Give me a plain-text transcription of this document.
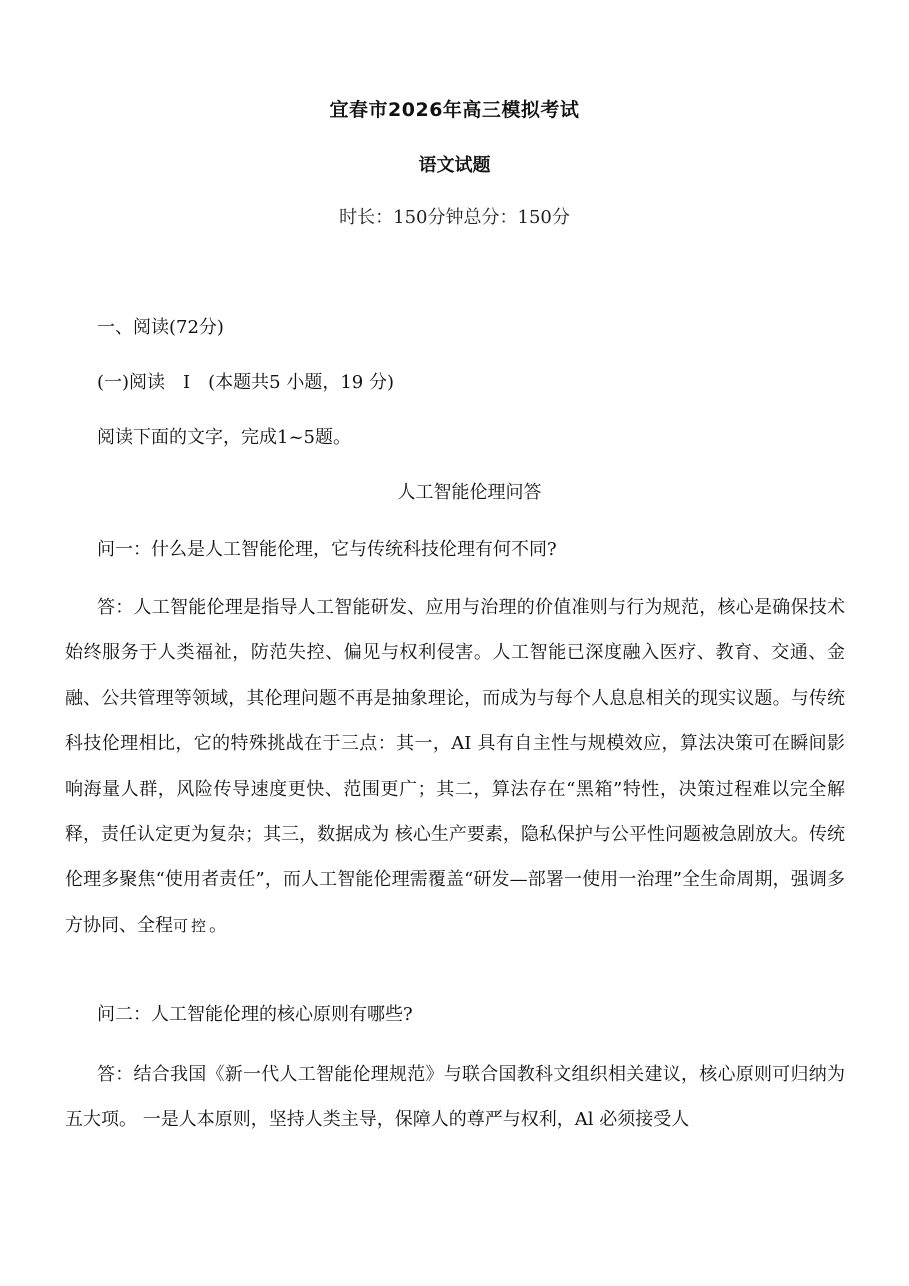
宜春市2026年高三模拟考试
语文试题
时长：150分钟总分：150分
一、阅读(72分)
(一)阅读　I　(本题共5 小题，19 分)
阅读下面的文字，完成1~5题。
人工智能伦理问答
问一：什么是人工智能伦理，它与传统科技伦理有何不同?
答：人工智能伦理是指导人工智能研发、应用与治理的价值准则与行为规范，核心是确保技术始终服务于人类福祉，防范失控、偏见与权利侵害。人工智能已深度融入医疗、教育、交通、金融、公共管理等领域，其伦理问题不再是抽象理论，而成为与每个人息息相关的现实议题。与传统科技伦理相比，它的特殊挑战在于三点：其一，AI 具有自主性与规模效应，算法决策可在瞬间影响海量人群，风险传导速度更快、范围更广；其二，算法存在“黑箱”特性，决策过程难以完全解释，责任认定更为复杂；其三，数据成为 核心生产要素，隐私保护与公平性问题被急剧放大。传统伦理多聚焦“使用者责任”，而人工智能伦理需覆盖“研发—部署一使用一治理”全生命周期，强调多方协同、全程可控。
问二：人工智能伦理的核心原则有哪些?
答：结合我国《新一代人工智能伦理规范》与联合国教科文组织相关建议，核心原则可归纳为五大项。 一是人本原则，坚持人类主导，保障人的尊严与权利，Al 必须接受人
